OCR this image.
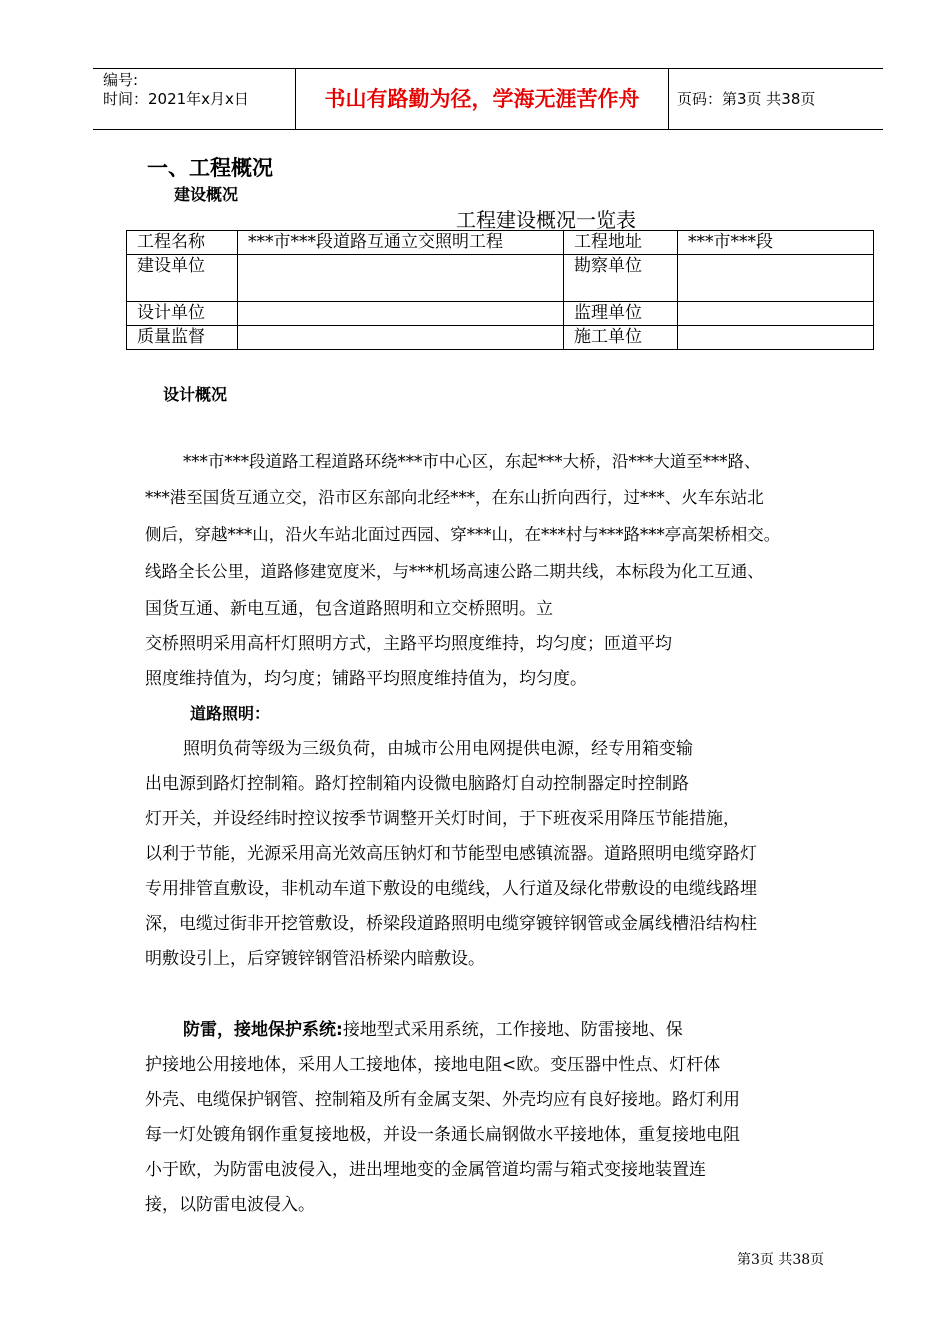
编号:
时间：2021年x月x日	书山有路勤为径，学海无涯苦作舟	页码：第3页 共38页
一、工程概况
建设概况
工程建设概况一览表
工程名称	***市***段道路互通立交照明工程	工程地址	***市***段
建设单位		勘察单位	
设计单位		监理单位	
质量监督		施工单位	
设计概况
***市***段道路工程道路环绕***市中心区，东起***大桥，沿***大道至***路、
***港至国货互通立交，沿市区东部向北经***，在东山折向西行，过***、火车东站北
侧后，穿越***山，沿火车站北面过西园、穿***山，在***村与***路***亭高架桥相交。
线路全长公里，道路修建宽度米，与***机场高速公路二期共线，本标段为化工互通、
国货互通、新电互通，包含道路照明和立交桥照明。立
交桥照明采用高杆灯照明方式，主路平均照度维持，均匀度；匝道平均
照度维持值为，均匀度；铺路平均照度维持值为，均匀度。
道路照明：
照明负荷等级为三级负荷，由城市公用电网提供电源，经专用箱变输
出电源到路灯控制箱。路灯控制箱内设微电脑路灯自动控制器定时控制路
灯开关，并设经纬时控议按季节调整开关灯时间，于下班夜采用降压节能措施，
以利于节能，光源采用高光效高压钠灯和节能型电感镇流器。道路照明电缆穿路灯
专用排管直敷设，非机动车道下敷设的电缆线，人行道及绿化带敷设的电缆线路埋
深，电缆过街非开挖管敷设，桥梁段道路照明电缆穿镀锌钢管或金属线槽沿结构柱
明敷设引上，后穿镀锌钢管沿桥梁内暗敷设。
防雷，接地保护系统:接地型式采用系统，工作接地、防雷接地、保
护接地公用接地体，采用人工接地体，接地电阻<欧。变压器中性点、灯杆体
外壳、电缆保护钢管、控制箱及所有金属支架、外壳均应有良好接地。路灯利用
每一灯处镀角钢作重复接地极，并设一条通长扁钢做水平接地体，重复接地电阻
小于欧，为防雷电波侵入，进出埋地变的金属管道均需与箱式变接地装置连
接，以防雷电波侵入。
第3页 共38页
